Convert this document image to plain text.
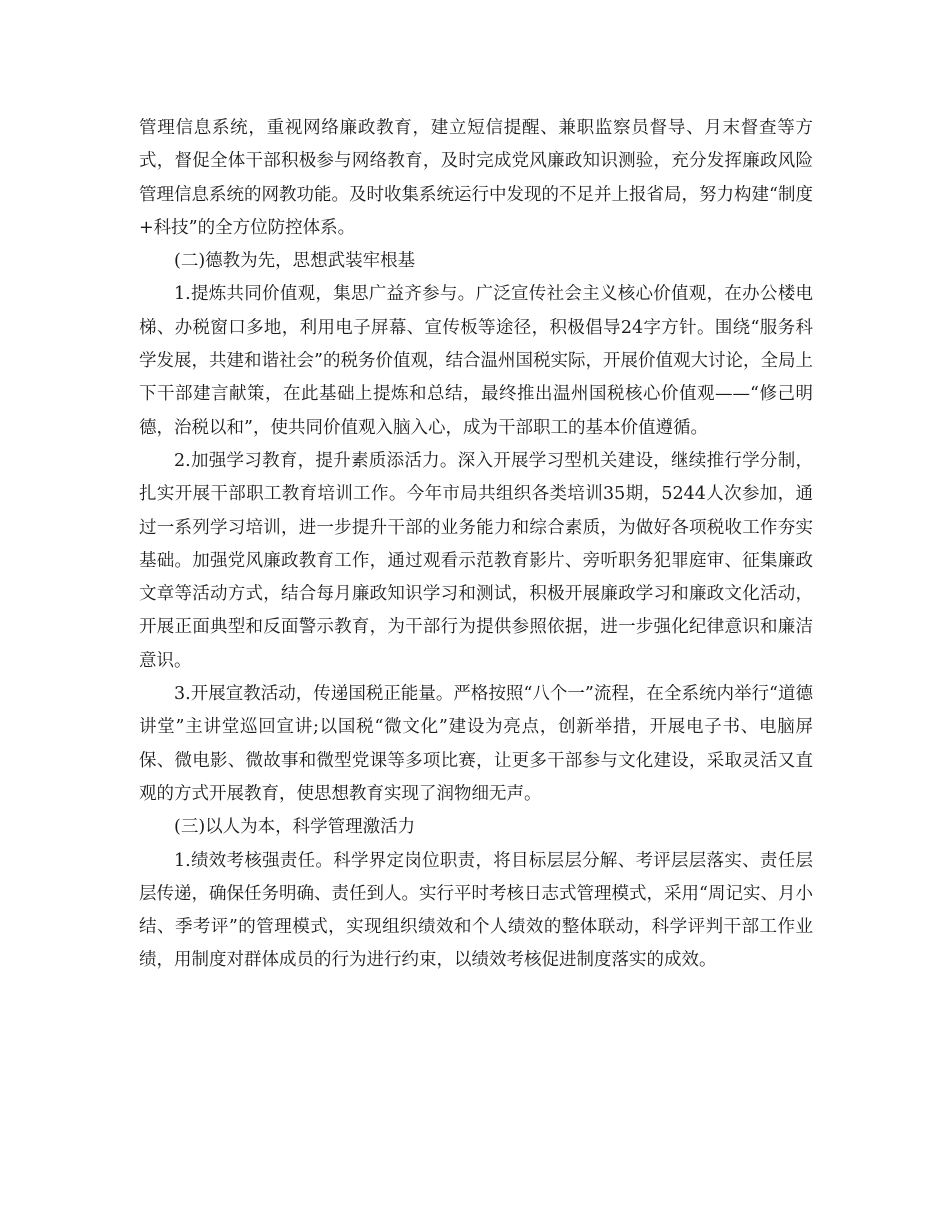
管理信息系统，重视网络廉政教育，建立短信提醒、兼职监察员督导、月末督查等方式，督促全体干部积极参与网络教育，及时完成党风廉政知识测验，充分发挥廉政风险管理信息系统的网教功能。及时收集系统运行中发现的不足并上报省局，努力构建“制度+科技”的全方位防控体系。

(二)德教为先，思想武装牢根基

1.提炼共同价值观，集思广益齐参与。广泛宣传社会主义核心价值观，在办公楼电梯、办税窗口多地，利用电子屏幕、宣传板等途径，积极倡导24字方针。围绕“服务科学发展，共建和谐社会”的税务价值观，结合温州国税实际，开展价值观大讨论，全局上下干部建言献策，在此基础上提炼和总结，最终推出温州国税核心价值观——“修己明德，治税以和”，使共同价值观入脑入心，成为干部职工的基本价值遵循。

2.加强学习教育，提升素质添活力。深入开展学习型机关建设，继续推行学分制，扎实开展干部职工教育培训工作。今年市局共组织各类培训35期，5244人次参加，通过一系列学习培训，进一步提升干部的业务能力和综合素质，为做好各项税收工作夯实基础。加强党风廉政教育工作，通过观看示范教育影片、旁听职务犯罪庭审、征集廉政文章等活动方式，结合每月廉政知识学习和测试，积极开展廉政学习和廉政文化活动，开展正面典型和反面警示教育，为干部行为提供参照依据，进一步强化纪律意识和廉洁意识。

3.开展宣教活动，传递国税正能量。严格按照“八个一”流程，在全系统内举行“道德讲堂”主讲堂巡回宣讲;以国税“微文化”建设为亮点，创新举措，开展电子书、电脑屏保、微电影、微故事和微型党课等多项比赛，让更多干部参与文化建设，采取灵活又直观的方式开展教育，使思想教育实现了润物细无声。

(三)以人为本，科学管理激活力

1.绩效考核强责任。科学界定岗位职责，将目标层层分解、考评层层落实、责任层层传递，确保任务明确、责任到人。实行平时考核日志式管理模式，采用“周记实、月小结、季考评”的管理模式，实现组织绩效和个人绩效的整体联动，科学评判干部工作业绩，用制度对群体成员的行为进行约束，以绩效考核促进制度落实的成效。
